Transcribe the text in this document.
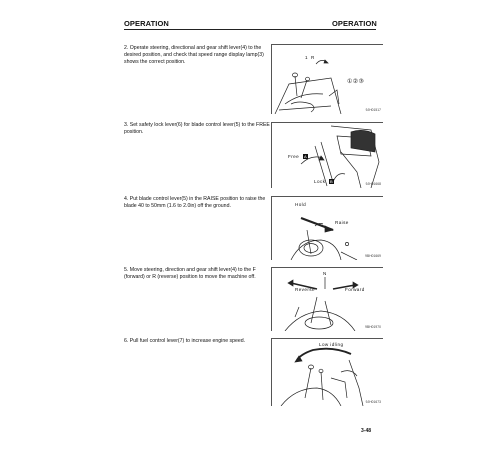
OPERATION	OPERATION
2. Operate steering, directional and gear shift lever(4) to the desired position, and check that speed range display lamp(3) shows the correct position.
1 R
①②③
9JH01517
3. Set safety lock lever(6) for blade control lever(5) to the FREE position.
Free A
Lock B	9JH01668
4. Put blade control lever(5) in the RAISE position to raise the blade 40 to 50mm (1.6 to 2.0in) off the ground.	Hold
Raise
9BH01669
5. Move steering, direction and gear shift lever(4) to the F (forward) or R (reverse) position to move the machine off.
N
Reverse	Forward
9BH01970
6. Pull fuel control lever(7) to increase engine speed.
Low idling
9JH01673
3-48
